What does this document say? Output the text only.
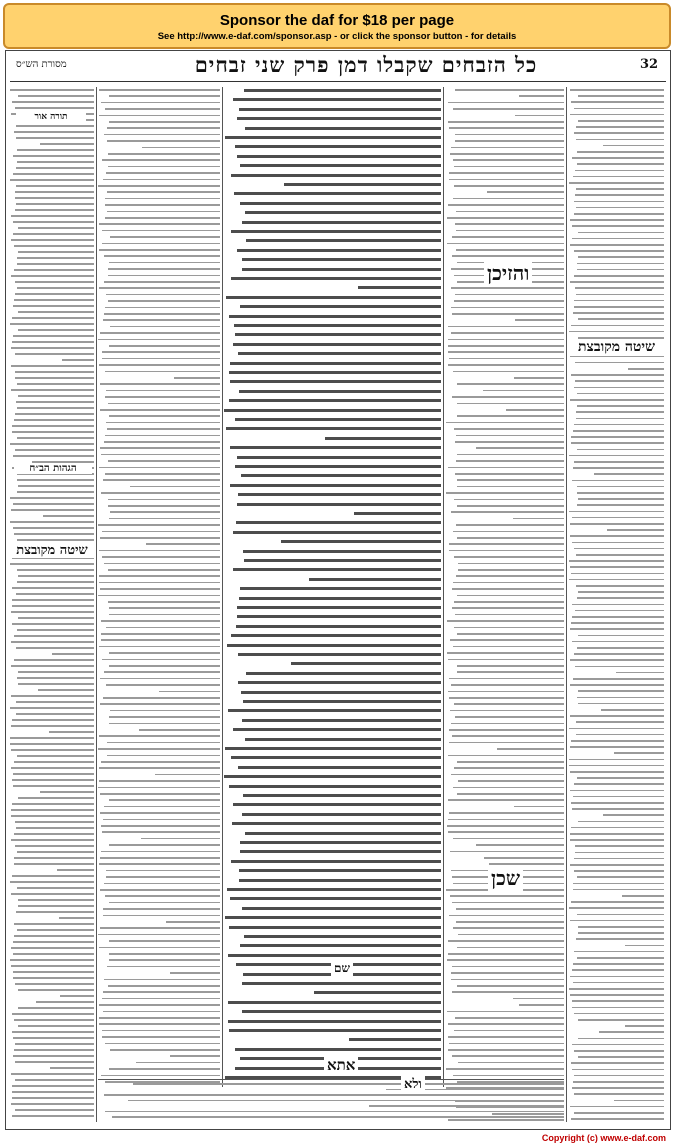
Sponsor the daf for $18 per page
See http://www.e-daf.com/sponsor.asp - or click the sponsor button - for details
32
כל הזבחים שקבלו דמן פרק שני זבחים
מסורת הש״ס
תורה אור
שיטה מקובצת
הגהות הב״ח
שיטה מקובצת
והזיכן
שכן
שם
אתא
ולא
Copyright (c) www.e-daf.com
